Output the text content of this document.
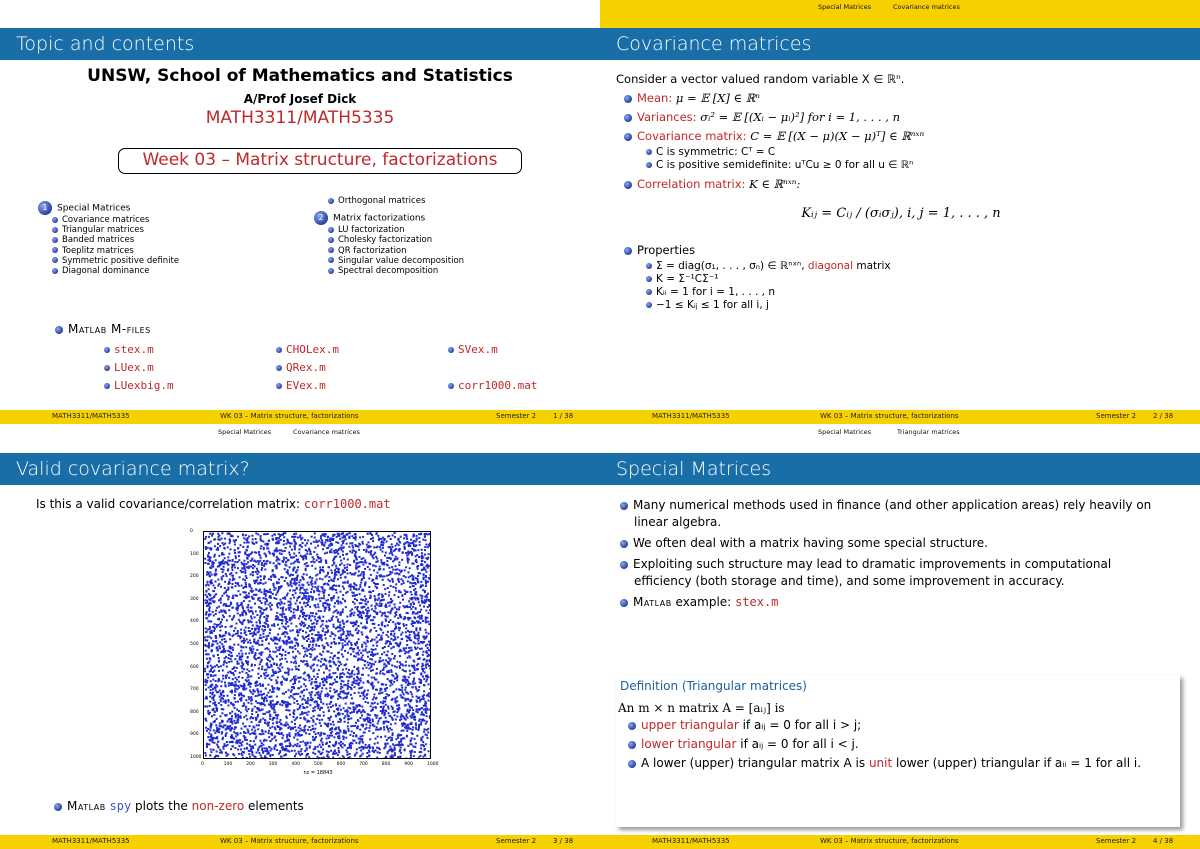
Topic and contents
UNSW, School of Mathematics and Statistics
A/Prof Josef Dick
MATH3311/MATH5335
Week 03 – Matrix structure, factorizations
1 Special Matrices
Covariance matrices
Triangular matrices
Banded matrices
Toeplitz matrices
Symmetric positive definite
Diagonal dominance
Orthogonal matrices
2 Matrix factorizations
LU factorization
Cholesky factorization
QR factorization
Singular value decomposition
Spectral decomposition
Matlab M-files
stex.m	CHOLex.m	SVex.m
LUex.m	QRex.m
LUexbig.m	EVex.m	corr1000.mat
MATH3311/MATH5335	WK 03 – Matrix structure, factorizations	Semester 2 1 / 38
Special Matrices	Covariance matrices
Covariance matrices
Consider a vector valued random variable X ∈ ℝⁿ.
Mean: μ = 𝔼 [X] ∈ ℝⁿ
Variances: σᵢ² = 𝔼 [(Xᵢ − μᵢ)²] for i = 1, . . . , n
Covariance matrix: C = 𝔼 [(X − μ)(X − μ)ᵀ] ∈ ℝⁿˣⁿ
C is symmetric: Cᵀ = C
C is positive semidefinite: uᵀCu ≥ 0 for all u ∈ ℝⁿ
Correlation matrix: K ∈ ℝⁿˣⁿ:
Kᵢⱼ = Cᵢⱼ / (σᵢσⱼ), i, j = 1, . . . , n
Properties
Σ = diag(σ₁, . . . , σₙ) ∈ ℝⁿˣⁿ, diagonal matrix
K = Σ⁻¹CΣ⁻¹
Kᵢᵢ = 1 for i = 1, . . . , n
−1 ≤ Kᵢⱼ ≤ 1 for all i, j
MATH3311/MATH5335	WK 03 – Matrix structure, factorizations	Semester 2 2 / 38
Special Matrices	Covariance matrices
Valid covariance matrix?
Is this a valid covariance/correlation matrix: corr1000.mat
0
100
200
300
400
500
600
700
800
900
1000
0	100	200	300	400	500	600	700	800	900	1000
nz = 18843
Matlab spy plots the non-zero elements
MATH3311/MATH5335	WK 03 – Matrix structure, factorizations	Semester 2 3 / 38
Special Matrices	Triangular matrices
Special Matrices
Many numerical methods used in finance (and other application areas) rely heavily on linear algebra.
We often deal with a matrix having some special structure.
Exploiting such structure may lead to dramatic improvements in computational efficiency (both storage and time), and some improvement in accuracy.
Matlab example: stex.m
Definition (Triangular matrices)
An m × n matrix A = [aᵢⱼ] is
upper triangular if aᵢⱼ = 0 for all i > j;
lower triangular if aᵢⱼ = 0 for all i < j.
A lower (upper) triangular matrix A is unit lower (upper) triangular if aᵢᵢ = 1 for all i.
MATH3311/MATH5335	WK 03 – Matrix structure, factorizations	Semester 2 4 / 38
